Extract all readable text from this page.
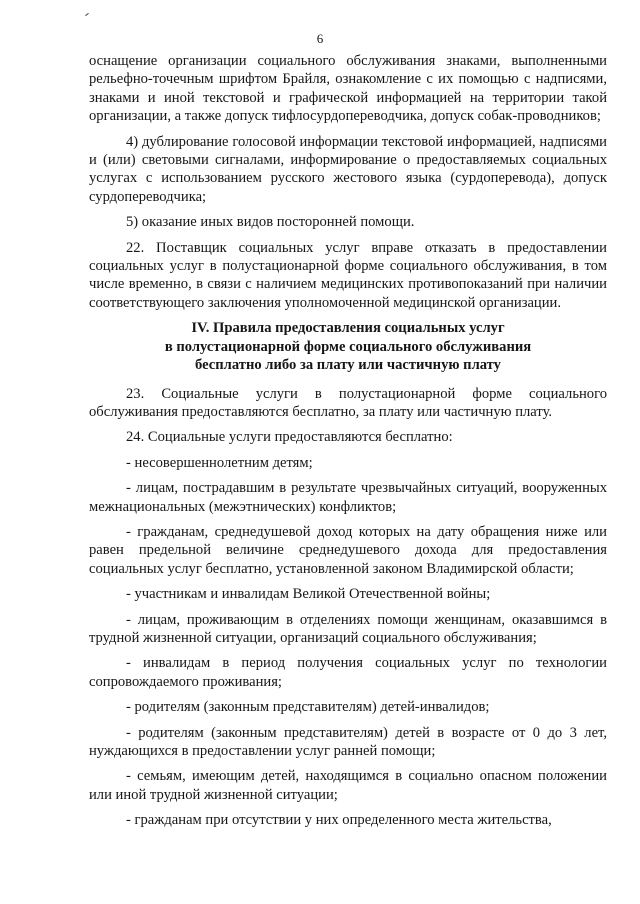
6

оснащение организации социального обслуживания знаками, выполненными рельефно-точечным шрифтом Брайля, ознакомление с их помощью с надписями, знаками и иной текстовой и графической информацией на территории такой организации, а также допуск тифлосурдопереводчика, допуск собак-проводников;

4) дублирование голосовой информации текстовой информацией, надписями и (или) световыми сигналами, информирование о предоставляемых социальных услугах с использованием русского жестового языка (сурдоперевода), допуск сурдопереводчика;

5) оказание иных видов посторонней помощи.

22. Поставщик социальных услуг вправе отказать в предоставлении социальных услуг в полустационарной форме социального обслуживания, в том числе временно, в связи с наличием медицинских противопоказаний при наличии соответствующего заключения уполномоченной медицинской организации.

IV. Правила предоставления социальных услуг
в полустационарной форме социального обслуживания
бесплатно либо за плату или частичную плату

23. Социальные услуги в полустационарной форме социального обслуживания предоставляются бесплатно, за плату или частичную плату.

24. Социальные услуги предоставляются бесплатно:

- несовершеннолетним детям;

- лицам, пострадавшим в результате чрезвычайных ситуаций, вооруженных межнациональных (межэтнических) конфликтов;

- гражданам, среднедушевой доход которых на дату обращения ниже или равен предельной величине среднедушевого дохода для предоставления социальных услуг бесплатно, установленной законом Владимирской области;

- участникам и инвалидам Великой Отечественной войны;

- лицам, проживающим в отделениях помощи женщинам, оказавшимся в трудной жизненной ситуации, организаций социального обслуживания;

- инвалидам в период получения социальных услуг по технологии сопровождаемого проживания;

- родителям (законным представителям) детей-инвалидов;

- родителям (законным представителям) детей в возрасте от 0 до 3 лет, нуждающихся в предоставлении услуг ранней помощи;

- семьям, имеющим детей, находящимся в социально опасном положении или иной трудной жизненной ситуации;

- гражданам при отсутствии у них определенного места жительства,
